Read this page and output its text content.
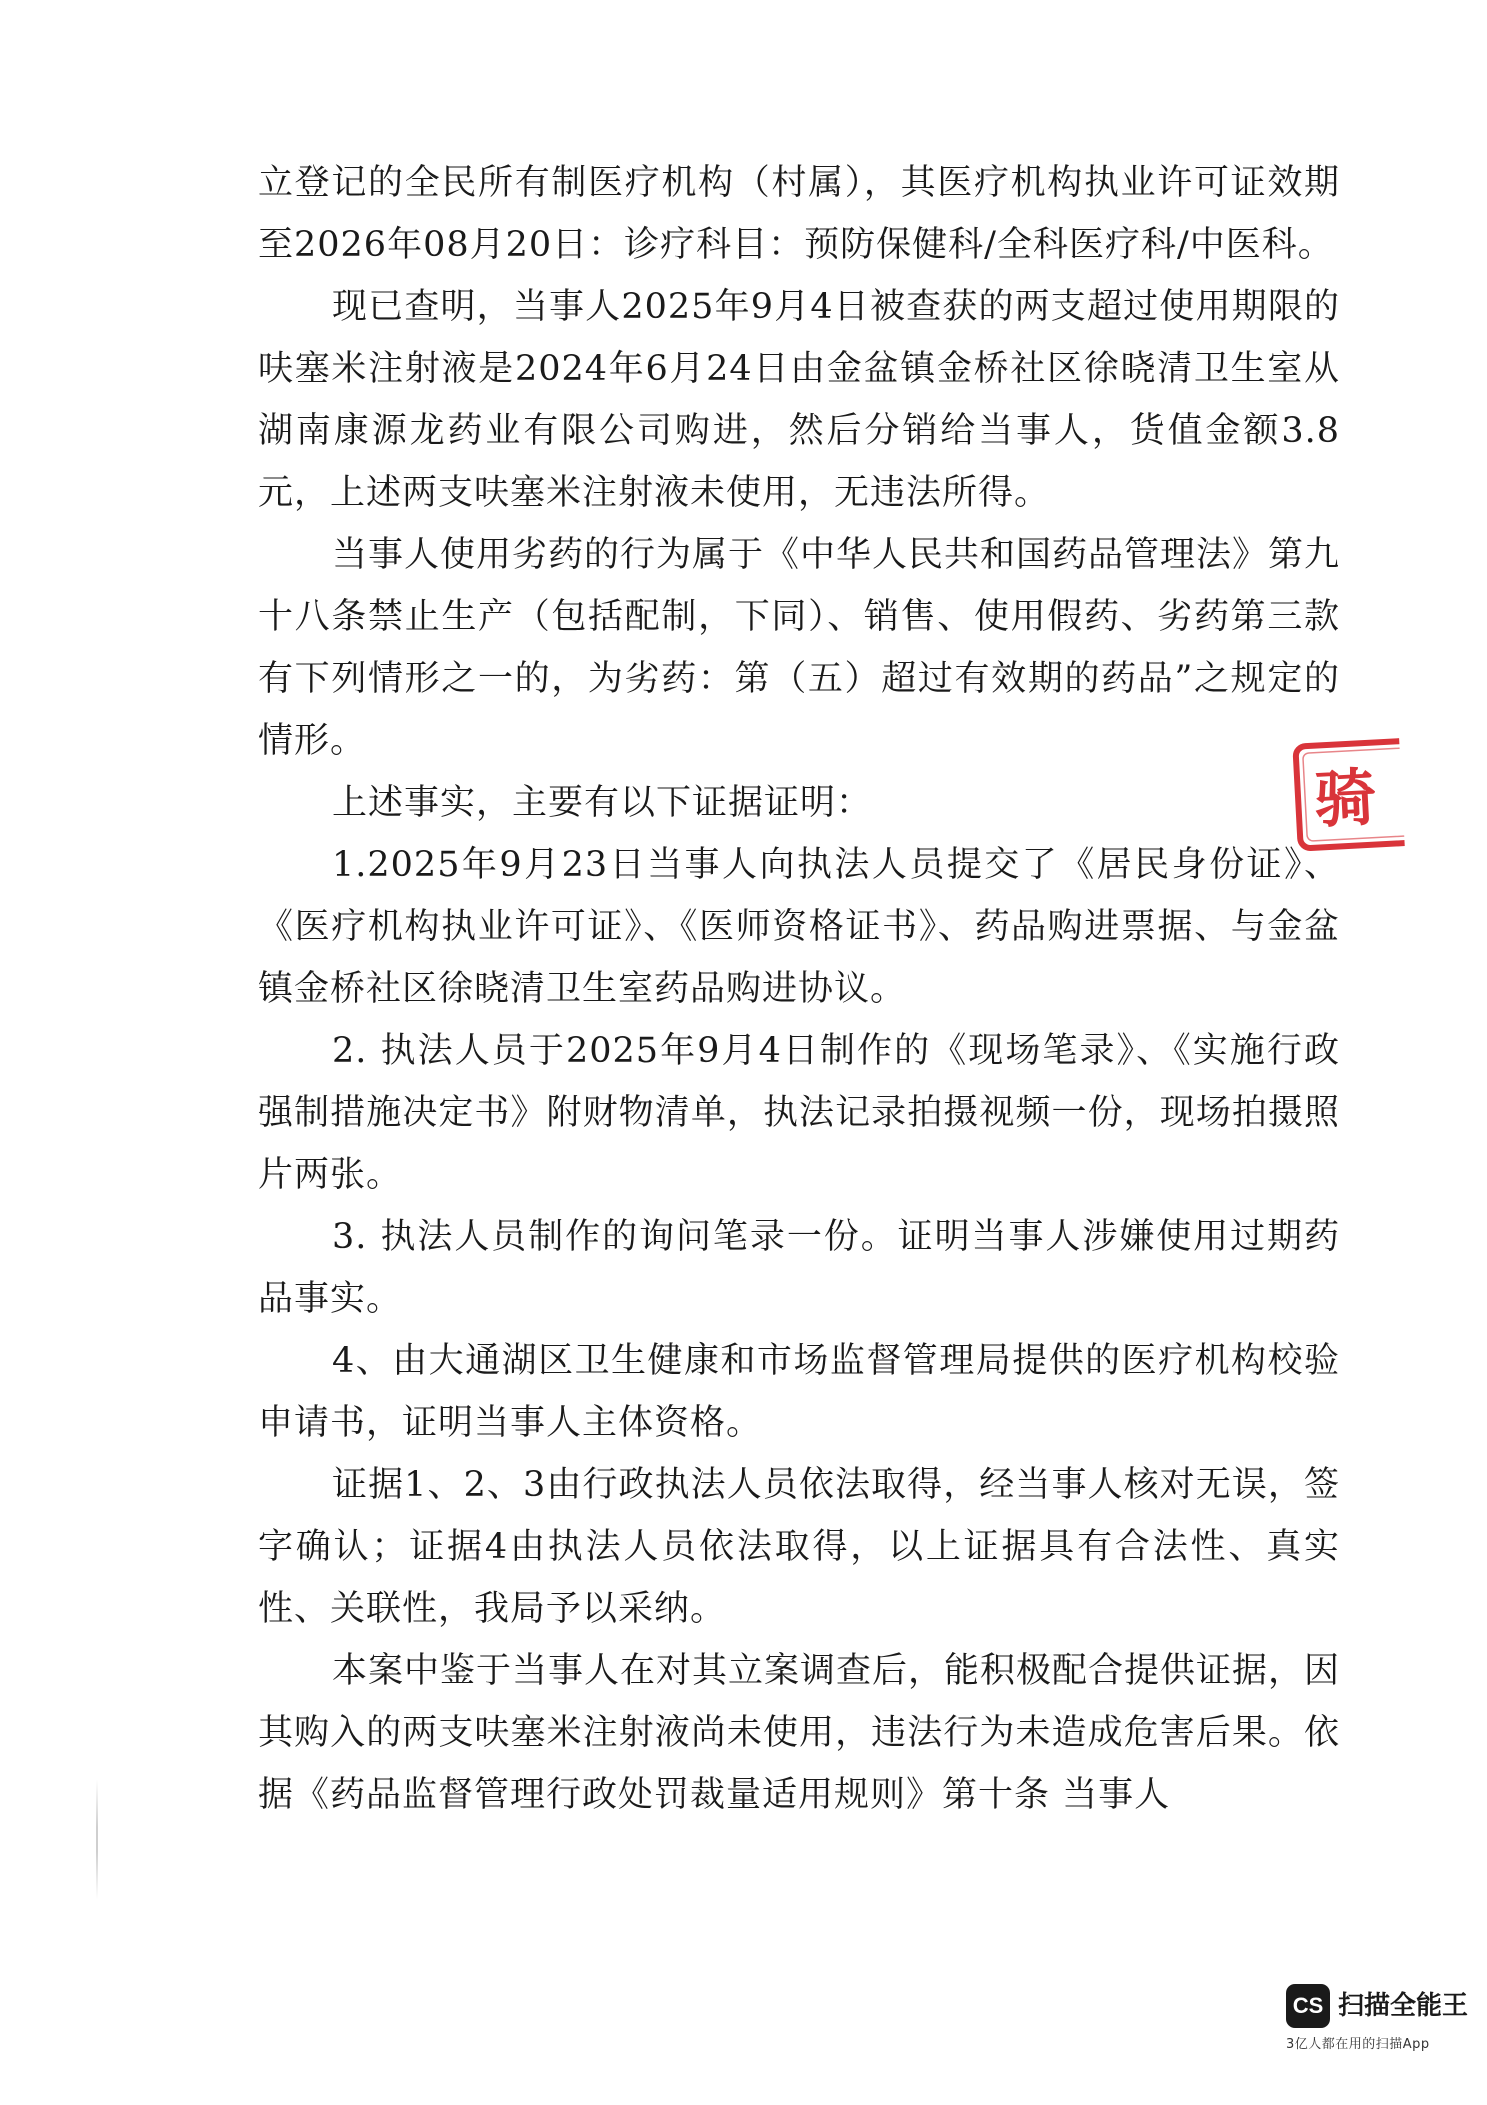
立登记的全民所有制医疗机构（村属），其医疗机构执业许可证效期至2026年08月20日：诊疗科目：预防保健科/全科医疗科/中医科。

现已查明，当事人2025年9月4日被查获的两支超过使用期限的呋塞米注射液是2024年6月24日由金盆镇金桥社区徐晓清卫生室从湖南康源龙药业有限公司购进，然后分销给当事人，货值金额3.8元，上述两支呋塞米注射液未使用，无违法所得。

当事人使用劣药的行为属于《中华人民共和国药品管理法》第九十八条禁止生产（包括配制，下同）、销售、使用假药、劣药第三款有下列情形之一的，为劣药：第（五）超过有效期的药品”之规定的情形。

上述事实，主要有以下证据证明：

1.2025年9月23日当事人向执法人员提交了《居民身份证》、《医疗机构执业许可证》、《医师资格证书》、药品购进票据、与金盆镇金桥社区徐晓清卫生室药品购进协议。

2. 执法人员于2025年9月4日制作的《现场笔录》、《实施行政强制措施决定书》附财物清单，执法记录拍摄视频一份，现场拍摄照片两张。

3. 执法人员制作的询问笔录一份。证明当事人涉嫌使用过期药品事实。

4、由大通湖区卫生健康和市场监督管理局提供的医疗机构校验申请书，证明当事人主体资格。

证据1、2、3由行政执法人员依法取得，经当事人核对无误，签字确认；证据4由执法人员依法取得，以上证据具有合法性、真实性、关联性，我局予以采纳。

本案中鉴于当事人在对其立案调查后，能积极配合提供证据，因其购入的两支呋塞米注射液尚未使用，违法行为未造成危害后果。依据《药品监督管理行政处罚裁量适用规则》第十条 当事人

骑
CS 扫描全能王
3亿人都在用的扫描App
